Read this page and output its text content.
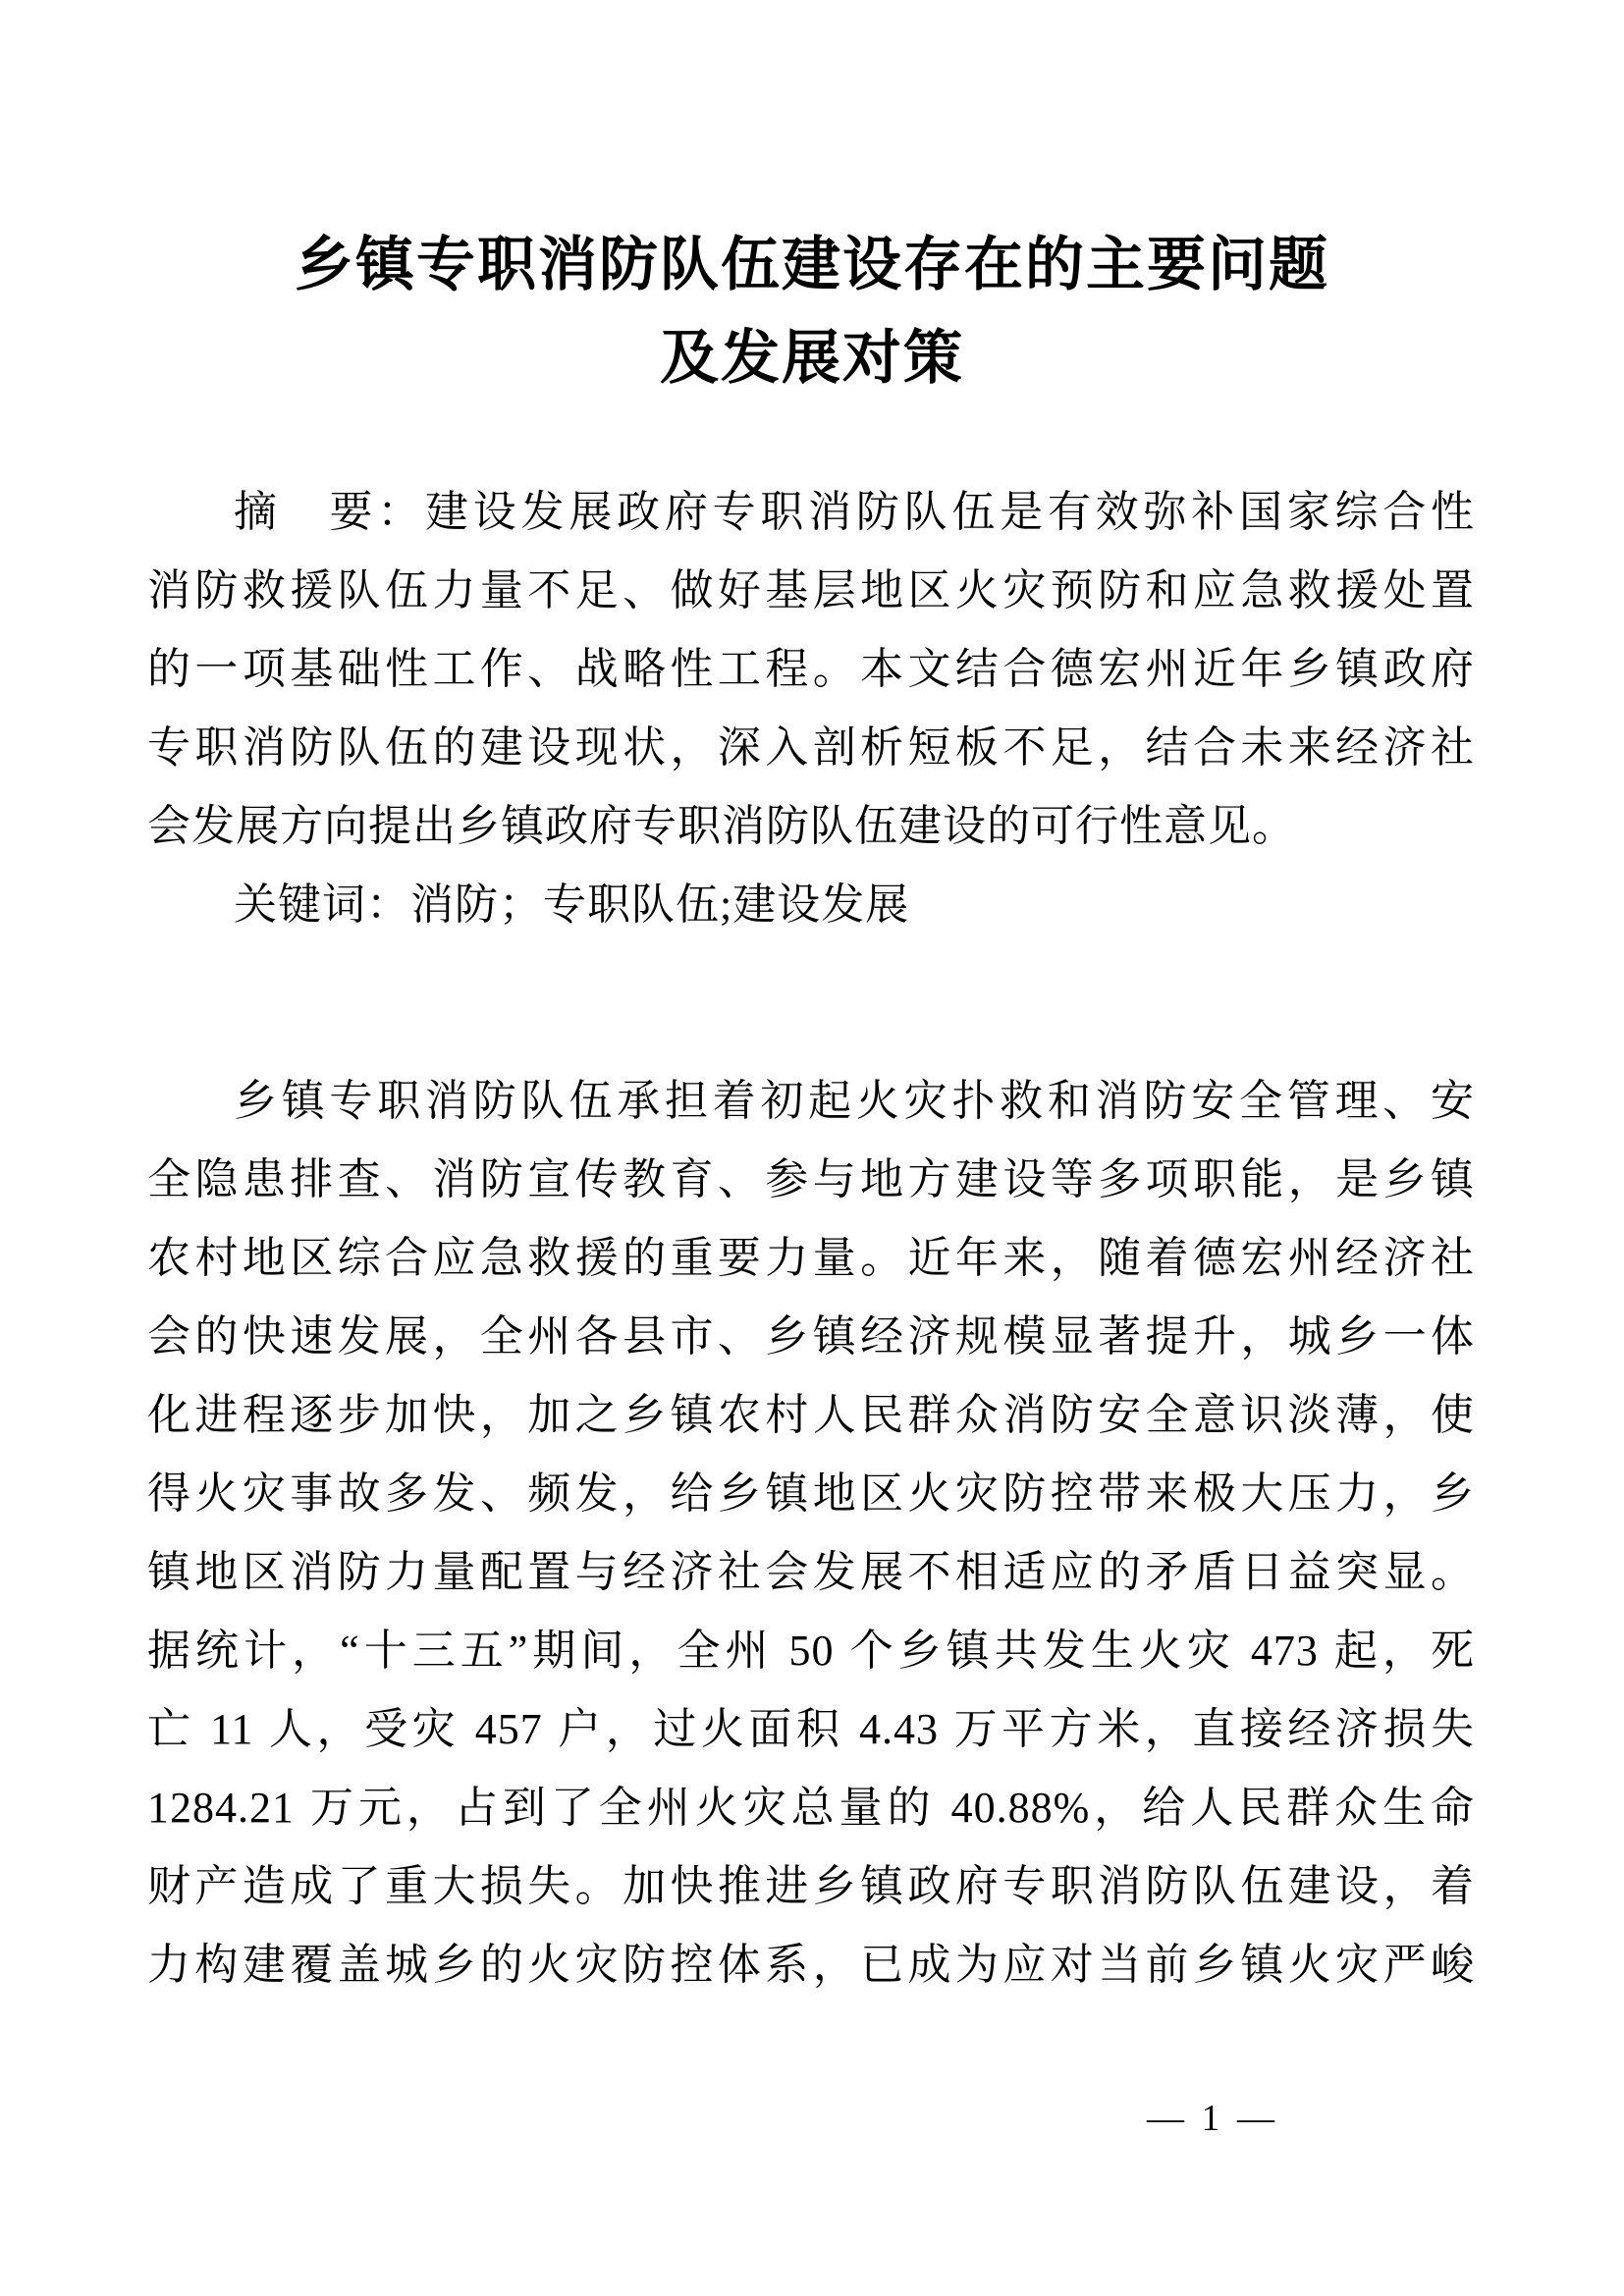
乡镇专职消防队伍建设存在的主要问题
及发展对策
摘　要：建设发展政府专职消防队伍是有效弥补国家综合性
消防救援队伍力量不足、做好基层地区火灾预防和应急救援处置
的一项基础性工作、战略性工程。本文结合德宏州近年乡镇政府
专职消防队伍的建设现状，深入剖析短板不足，结合未来经济社
会发展方向提出乡镇政府专职消防队伍建设的可行性意见。
关键词：消防；专职队伍;建设发展
乡镇专职消防队伍承担着初起火灾扑救和消防安全管理、安
全隐患排查、消防宣传教育、参与地方建设等多项职能，是乡镇
农村地区综合应急救援的重要力量。近年来，随着德宏州经济社
会的快速发展，全州各县市、乡镇经济规模显著提升，城乡一体
化进程逐步加快，加之乡镇农村人民群众消防安全意识淡薄，使
得火灾事故多发、频发，给乡镇地区火灾防控带来极大压力，乡
镇地区消防力量配置与经济社会发展不相适应的矛盾日益突显。
据统计，“十三五”期间，全州 50 个乡镇共发生火灾 473 起，死
亡 11 人，受灾 457 户，过火面积 4.43 万平方米，直接经济损失
1284.21 万元，占到了全州火灾总量的 40.88%，给人民群众生命
财产造成了重大损失。加快推进乡镇政府专职消防队伍建设，着
力构建覆盖城乡的火灾防控体系，已成为应对当前乡镇火灾严峻
— 1 —
